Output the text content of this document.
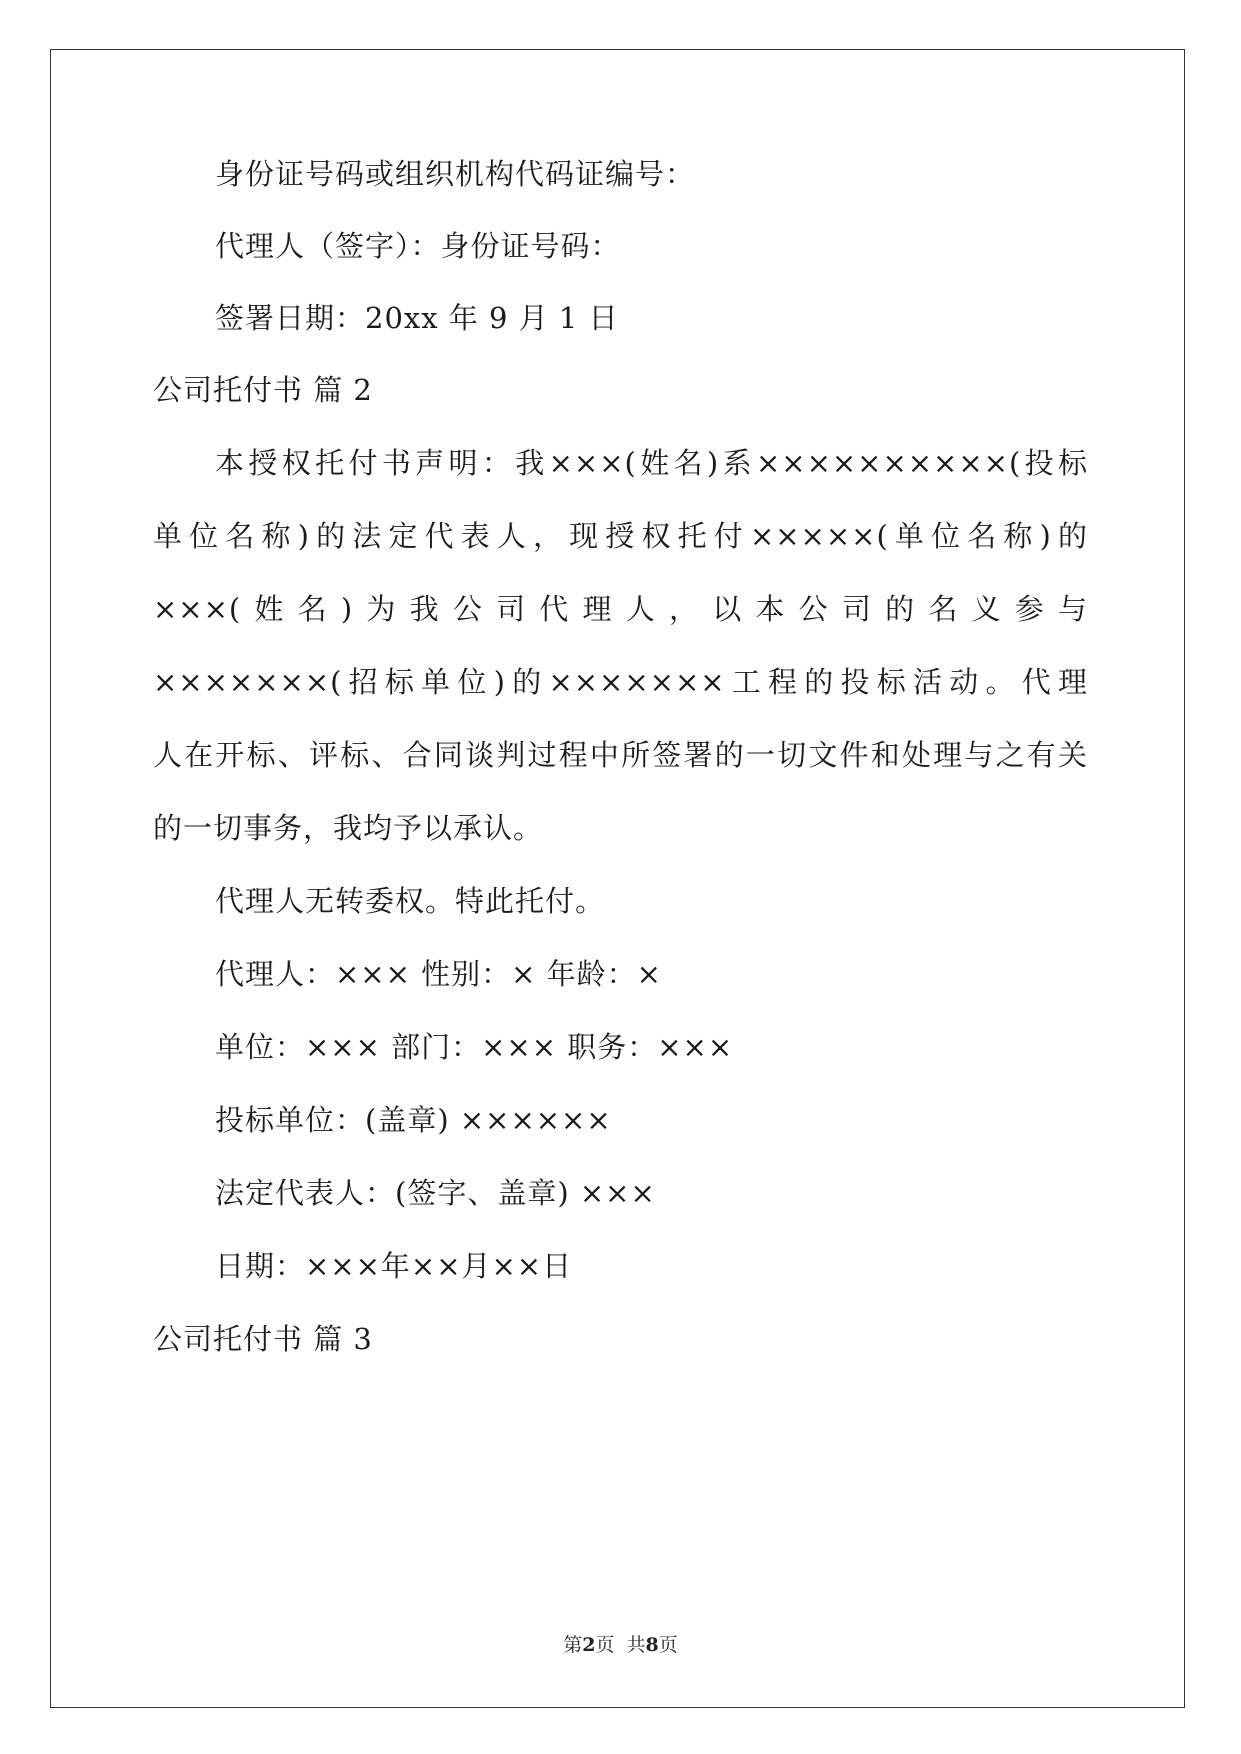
身份证号码或组织机构代码证编号：
代理人（签字）：身份证号码：
签署日期：20xx 年 9 月 1 日
公司托付书 篇 2
本授权托付书声明：我×××(姓名)系××××××××××(投标
单位名称)的法定代表人，现授权托付×××××(单位名称)的
×××(姓名)为我公司代理人，以本公司的名义参与
×××××××(招标单位)的×××××××工程的投标活动。代理
人在开标、评标、合同谈判过程中所签署的一切文件和处理与之有关
的一切事务，我均予以承认。
代理人无转委权。特此托付。
代理人：××× 性别：× 年龄：×
单位：××× 部门：××× 职务：×××
投标单位：(盖章) ××××××
法定代表人：(签字、盖章) ×××
日期：×××年××月××日
公司托付书 篇 3
第2页  共8页
